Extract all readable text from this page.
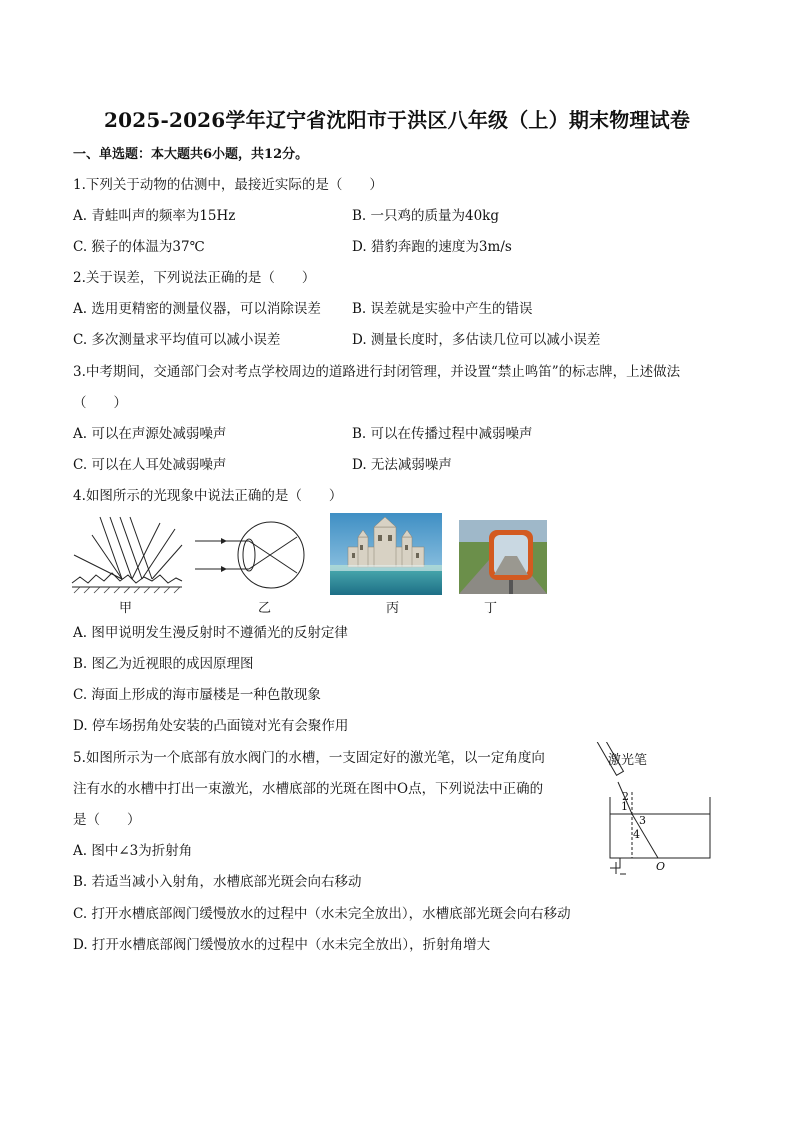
2025-2026学年辽宁省沈阳市于洪区八年级（上）期末物理试卷
一、单选题：本大题共6小题，共12分。
1.下列关于动物的估测中，最接近实际的是（　　）
A. 青蛙叫声的频率为15Hz	B. 一只鸡的质量为40kg
C. 猴子的体温为37℃	D. 猎豹奔跑的速度为3m/s
2.关于误差，下列说法正确的是（　　）
A. 选用更精密的测量仪器，可以消除误差 B. 误差就是实验中产生的错误
C. 多次测量求平均值可以减小误差	D. 测量长度时，多估读几位可以减小误差
3.中考期间，交通部门会对考点学校周边的道路进行封闭管理，并设置“禁止鸣笛”的标志牌，上述做法
（　　）
A. 可以在声源处减弱噪声	B. 可以在传播过程中减弱噪声
C. 可以在人耳处减弱噪声	D. 无法减弱噪声
4.如图所示的光现象中说法正确的是（　　）
甲	乙	丙	丁
A. 图甲说明发生漫反射时不遵循光的反射定律
B. 图乙为近视眼的成因原理图
C. 海面上形成的海市蜃楼是一种色散现象
D. 停车场拐角处安装的凸面镜对光有会聚作用
5.如图所示为一个底部有放水阀门的水槽，一支固定好的激光笔，以一定角度向
注有水的水槽中打出一束激光，水槽底部的光斑在图中O点，下列说法中正确的
是（　　）
2
1
3
4
O
激光笔
A. 图中∠3为折射角
B. 若适当减小入射角，水槽底部光斑会向右移动
C. 打开水槽底部阀门缓慢放水的过程中（水未完全放出），水槽底部光斑会向右移动
D. 打开水槽底部阀门缓慢放水的过程中（水未完全放出），折射角增大
